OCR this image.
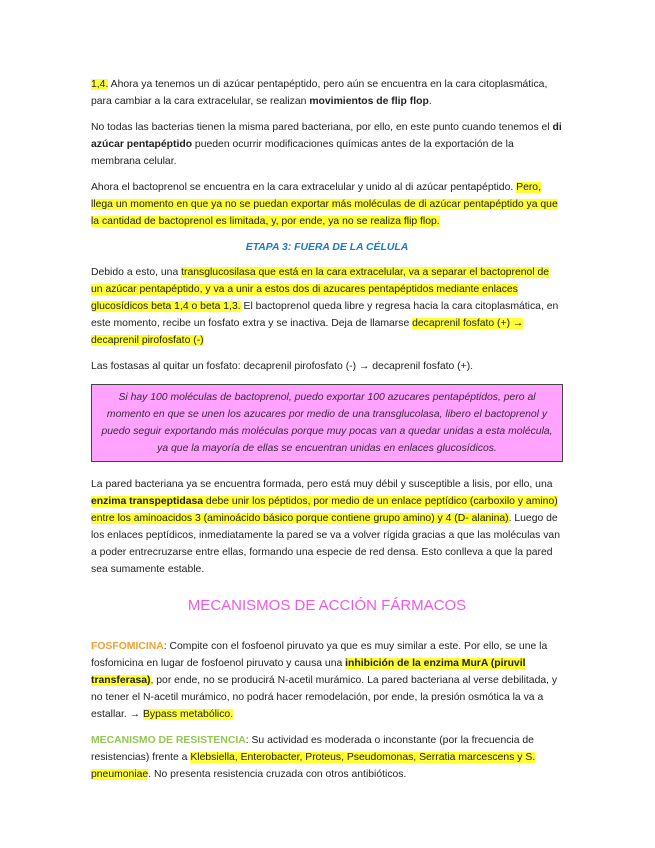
1,4. Ahora ya tenemos un di azúcar pentapéptido, pero aún se encuentra en la cara citoplasmática, para cambiar a la cara extracelular, se realizan movimientos de flip flop.

No todas las bacterias tienen la misma pared bacteriana, por ello, en este punto cuando tenemos el di azúcar pentapéptido pueden ocurrir modificaciones químicas antes de la exportación de la membrana celular.

Ahora el bactoprenol se encuentra en la cara extracelular y unido al di azúcar pentapéptido. Pero, llega un momento en que ya no se puedan exportar más moléculas de di azúcar pentapéptido ya que la cantidad de bactoprenol es limitada, y, por ende, ya no se realiza flip flop.

ETAPA 3: FUERA DE LA CÉLULA

Debido a esto, una transglucosilasa que está en la cara extracelular, va a separar el bactoprenol de un azúcar pentapéptido, y va a unir a estos dos di azucares pentapéptidos mediante enlaces glucosídicos beta 1,4 o beta 1,3. El bactoprenol queda libre y regresa hacia la cara citoplasmática, en este momento, recibe un fosfato extra y se inactiva. Deja de llamarse decaprenil fosfato (+) → decaprenil pirofosfato (-)

Las fostasas al quitar un fosfato: decaprenil pirofosfato (-) → decaprenil fosfato (+).

Si hay 100 moléculas de bactoprenol, puedo exportar 100 azucares pentapéptidos, pero al momento en que se unen los azucares por medio de una transglucolasa, libero el bactoprenol y puedo seguir exportando más moléculas porque muy pocas van a quedar unidas a esta molécula, ya que la mayoría de ellas se encuentran unidas en enlaces glucosídicos.

La pared bacteriana ya se encuentra formada, pero está muy débil y susceptible a lisis, por ello, una enzima transpeptidasa debe unir los péptidos, por medio de un enlace peptídico (carboxilo y amino) entre los aminoacidos 3 (aminoácido básico porque contiene grupo amino) y 4 (D- alanina). Luego de los enlaces peptídicos, inmediatamente la pared se va a volver rígida gracias a que las moléculas van a poder entrecruzarse entre ellas, formando una especie de red densa. Esto conlleva a que la pared sea sumamente estable.

MECANISMOS DE ACCIÓN FÁRMACOS

FOSFOMICINA: Compite con el fosfoenol piruvato ya que es muy similar a este. Por ello, se une la fosfomicina en lugar de fosfoenol piruvato y causa una inhibición de la enzima MurA (piruvil transferasa), por ende, no se producirá N-acetil murámico. La pared bacteriana al verse debilitada, y no tener el N-acetil murámico, no podrá hacer remodelación, por ende, la presión osmótica la va a estallar. → Bypass metabólico.

MECANISMO DE RESISTENCIA: Su actividad es moderada o inconstante (por la frecuencia de resistencias) frente a Klebsiella, Enterobacter, Proteus, Pseudomonas, Serratia marcescens y S. pneumoniae. No presenta resistencia cruzada con otros antibióticos.
